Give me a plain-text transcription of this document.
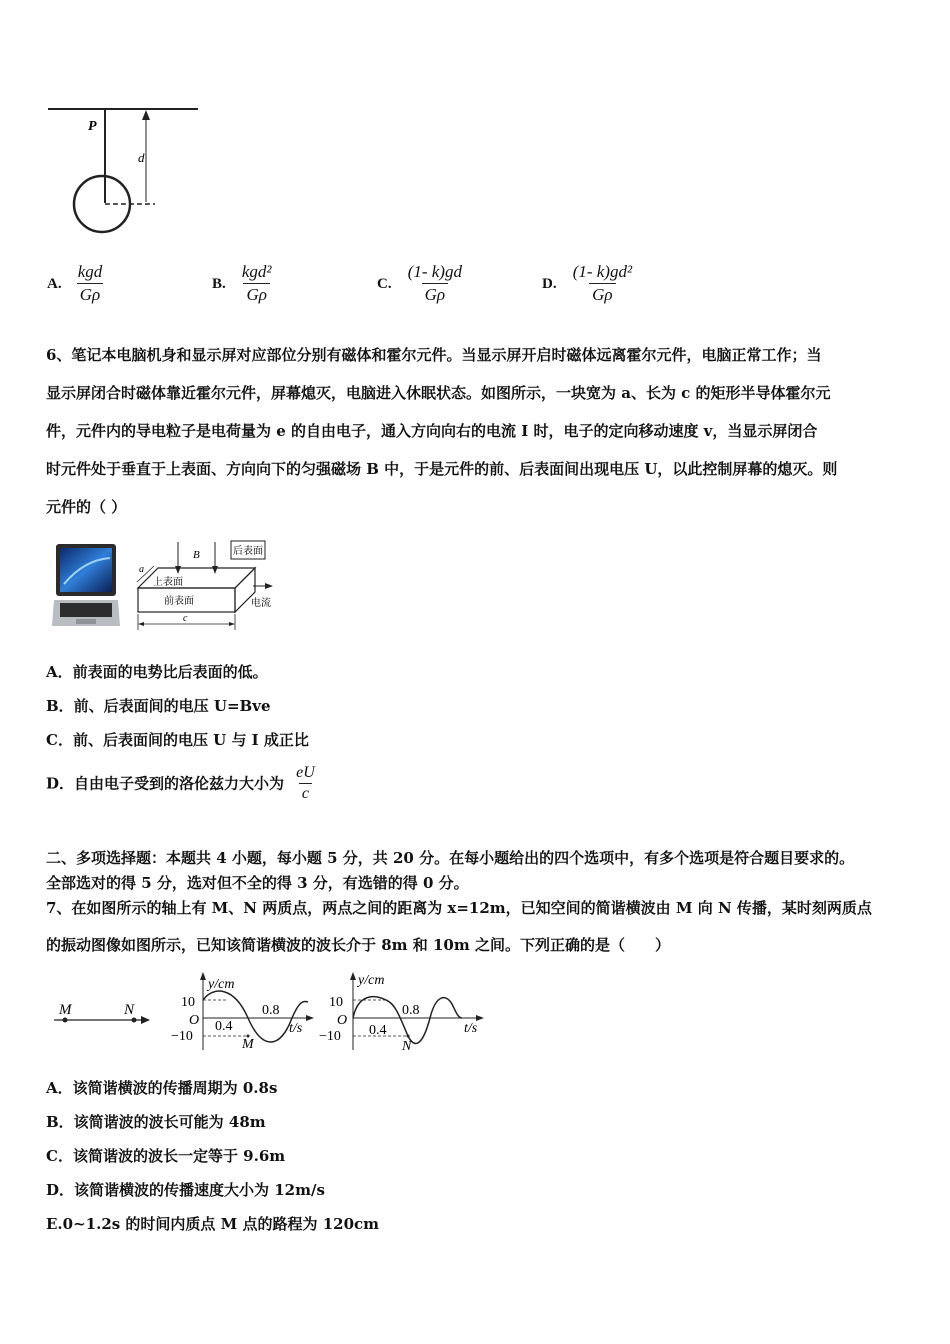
P
d
A. $\frac{\text{kgd}}{G\rho}$	B. $\frac{\text{kgd²}}{G\rho}$	C. $\frac{(1- k)gd}{G\rho}$	D. $\frac{\text{(1- k)gd²}}{G\rho}$
6、笔记本电脑机身和显示屏对应部位分别有磁体和霍尔元件。当显示屏开启时磁体远离霍尔元件，电脑正常工作；当
显示屏闭合时磁体靠近霍尔元件，屏幕熄灭，电脑进入休眠状态。如图所示，一块宽为 a、长为 c 的矩形半导体霍尔元
件，元件内的导电粒子是电荷量为 e 的自由电子，通入方向向右的电流 I 时，电子的定向移动速度 v，当显示屏闭合
时元件处于垂直于上表面、方向向下的匀强磁场 B 中，于是元件的前、后表面间出现电压 U，以此控制屏幕的熄灭。则
元件的（ ）
B	后表面
a
上表面
前表面	电流
c
A．前表面的电势比后表面的低。
B．前、后表面间的电压 U=Bve
C．前、后表面间的电压 U 与 I 成正比
D．自由电子受到的洛伦兹力大小为 $\frac{eU}{c}$
二、多项选择题：本题共 4 小题，每小题 5 分，共 20 分。在每小题给出的四个选项中，有多个选项是符合题目要求的。
全部选对的得 5 分，选对但不全的得 3 分，有选错的得 0 分。
7、在如图所示的轴上有 M、N 两质点，两点之间的距离为 x=12m，已知空间的简谐横波由 M 向 N 传播，某时刻两质点
的振动图像如图所示，已知该简谐横波的波长介于 8m 和 10m 之间。下列正确的是（　　）
M	N
y/cm
10
O
−10
0.4
0.8
t/s
M
y/cm
10
O
−10 0.4
0.8
t/s
N
A．该简谐横波的传播周期为 0.8s
B．该简谐波的波长可能为 48m
C．该简谐波的波长一定等于 9.6m
D．该简谐横波的传播速度大小为 12m/s
E.0~1.2s 的时间内质点 M 点的路程为 120cm
